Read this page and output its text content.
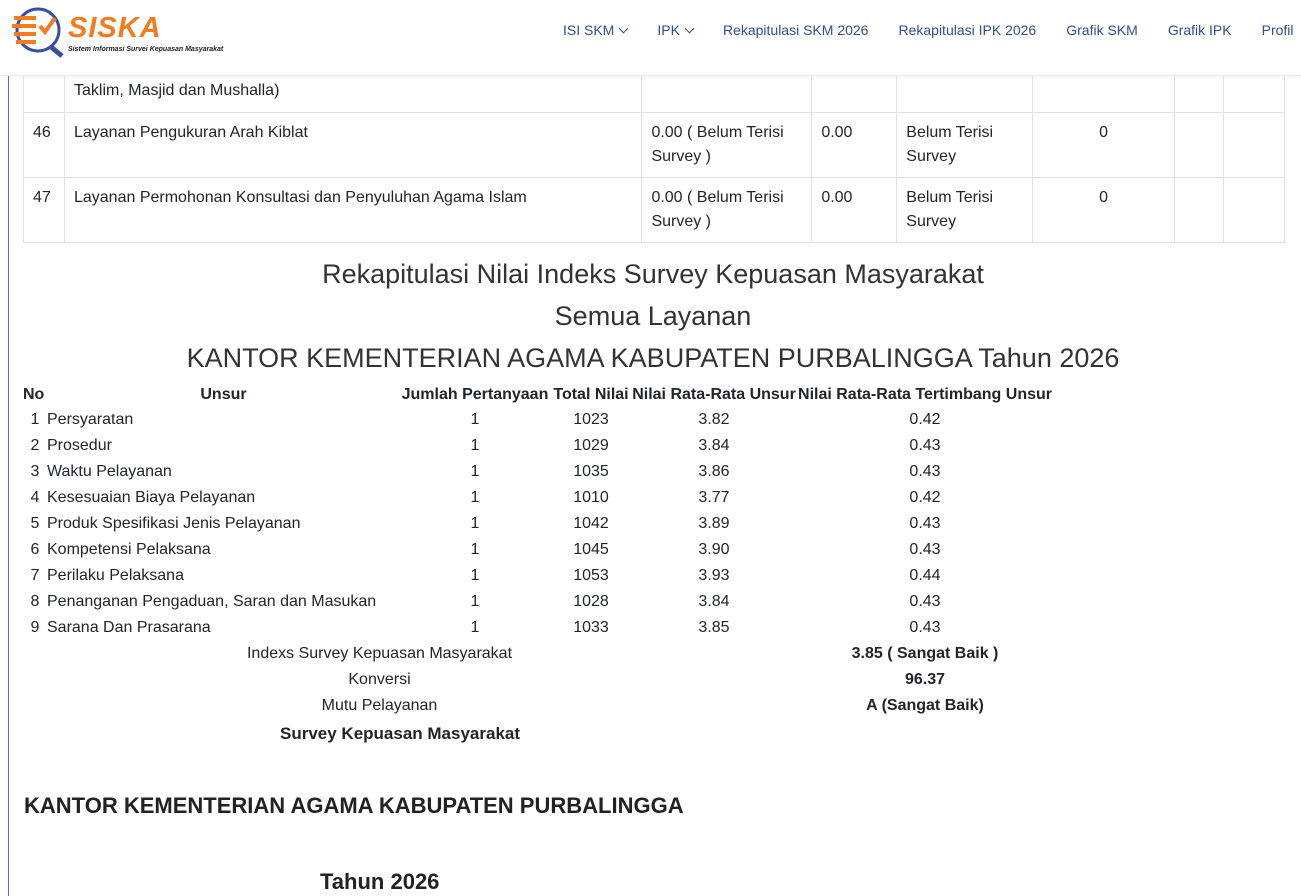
SISKA
Sistem Informasi Survei Kepuasan Masyarakat
ISI SKM	IPK	Rekapitulasi SKM 2026 Rekapitulasi IPK 2026 Grafik SKM Grafik IPK Profil
	Taklim, Masjid dan Mushalla)						
46	Layanan Pengukuran Arah Kiblat	0.00 ( Belum Terisi Survey )	0.00	Belum Terisi Survey	0		
47	Layanan Permohonan Konsultasi dan Penyuluhan Agama Islam	0.00 ( Belum Terisi Survey )	0.00	Belum Terisi Survey	0		
Rekapitulasi Nilai Indeks Survey Kepuasan Masyarakat
Semua Layanan
KANTOR KEMENTERIAN AGAMA KABUPATEN PURBALINGGA Tahun 2026
No	Unsur	Jumlah Pertanyaan	Total Nilai	Nilai Rata-Rata Unsur	Nilai Rata-Rata Tertimbang Unsur
1	Persyaratan	1	1023	3.82	0.42
2	Prosedur	1	1029	3.84	0.43
3	Waktu Pelayanan	1	1035	3.86	0.43
4	Kesesuaian Biaya Pelayanan	1	1010	3.77	0.42
5	Produk Spesifikasi Jenis Pelayanan	1	1042	3.89	0.43
6	Kompetensi Pelaksana	1	1045	3.90	0.43
7	Perilaku Pelaksana	1	1053	3.93	0.44
8	Penanganan Pengaduan, Saran dan Masukan	1	1028	3.84	0.43
9	Sarana Dan Prasarana	1	1033	3.85	0.43
	Indexs Survey Kepuasan Masyarakat				3.85 ( Sangat Baik )
	Konversi				96.37
	Mutu Pelayanan				A (Sangat Baik)
	Survey Kepuasan Masyarakat				
KANTOR KEMENTERIAN AGAMA KABUPATEN PURBALINGGA
Tahun 2026
